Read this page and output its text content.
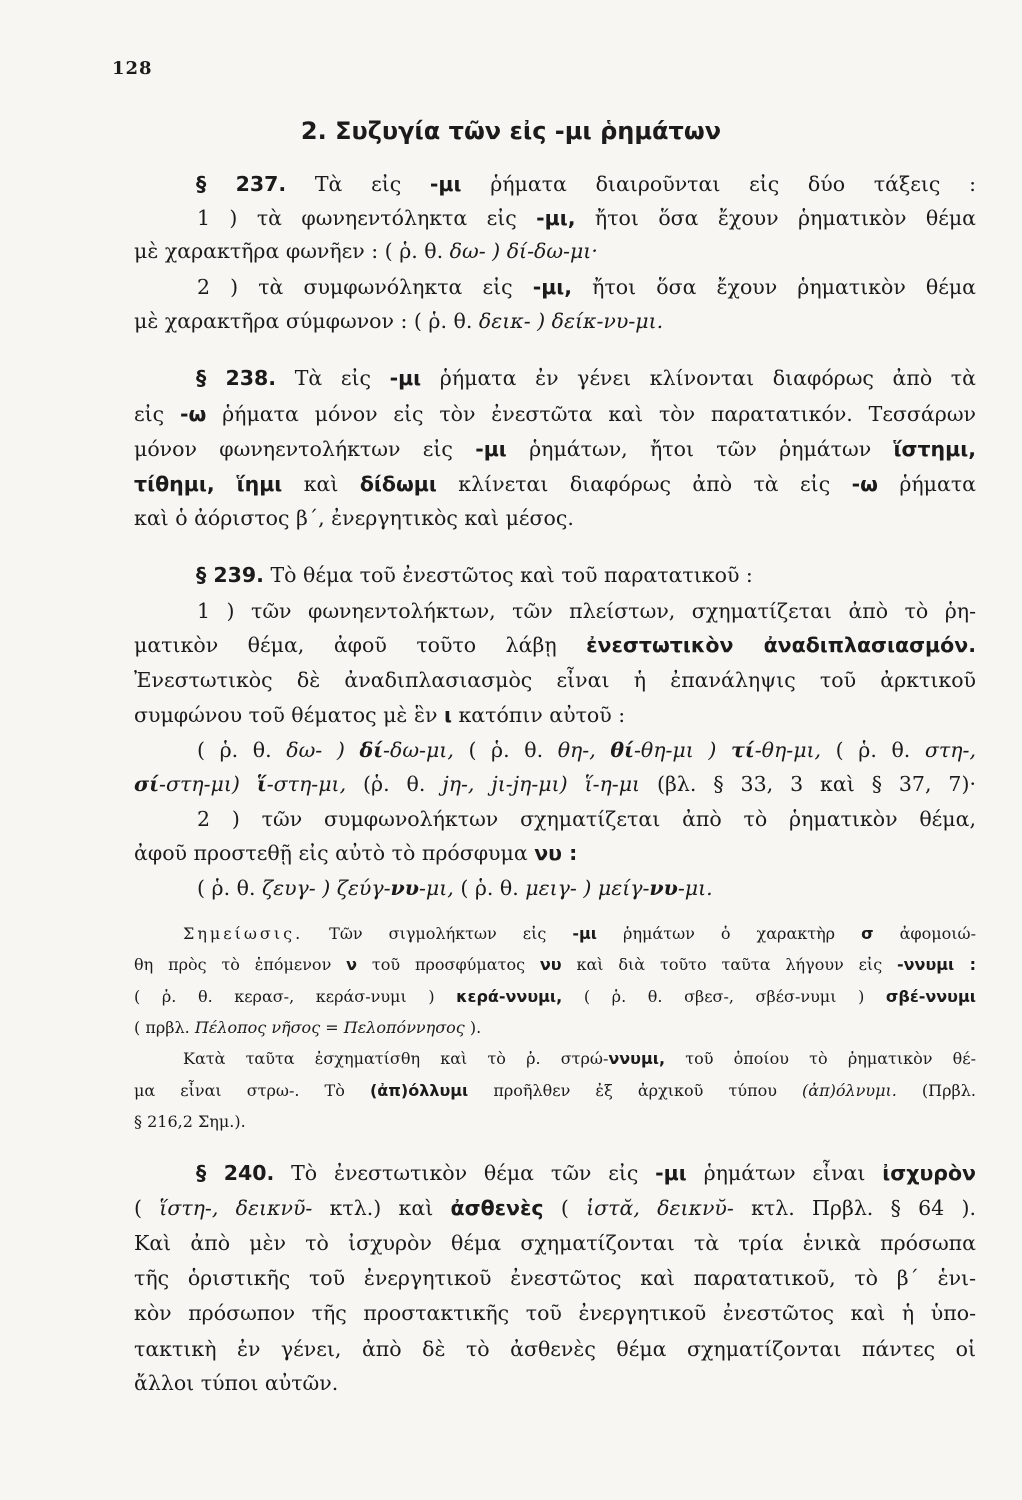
128
2. Συζυγία τῶν εἰς -μι ῥημάτων
§ 237. Τὰ εἰς -μι ῥήματα διαιροῦνται εἰς δύο τάξεις :
1 ) τὰ φωνηεντόληκτα εἰς -μι, ἤτοι ὅσα ἔχουν ῥηματικὸν θέμα
μὲ χαρακτῆρα φωνῆεν : ( ῥ. θ. δω- ) δί-δω-μι·
2 ) τὰ συμφωνόληκτα εἰς -μι, ἤτοι ὅσα ἔχουν ῥηματικὸν θέμα
μὲ χαρακτῆρα σύμφωνον : ( ῥ. θ. δεικ- ) δείκ-νυ-μι.
§ 238. Τὰ εἰς -μι ῥήματα ἐν γένει κλίνονται διαφόρως ἀπὸ τὰ
εἰς -ω ῥήματα μόνον εἰς τὸν ἐνεστῶτα καὶ τὸν παρατατικόν. Τεσσάρων
μόνον φωνηεντολήκτων εἰς -μι ῥημάτων, ἤτοι τῶν ῥημάτων ἵστημι,
τίθημι, ἵημι καὶ δίδωμι κλίνεται διαφόρως ἀπὸ τὰ εἰς -ω ῥήματα
καὶ ὁ ἀόριστος β΄, ἐνεργητικὸς καὶ μέσος.
§ 239. Τὸ θέμα τοῦ ἐνεστῶτος καὶ τοῦ παρατατικοῦ :
1 ) τῶν φωνηεντολήκτων, τῶν πλείστων, σχηματίζεται ἀπὸ τὸ ῥη-
ματικὸν θέμα, ἀφοῦ τοῦτο λάβῃ ἐνεστωτικὸν ἀναδιπλασιασμόν.
Ἐνεστωτικὸς δὲ ἀναδιπλασιασμὸς εἶναι ἡ ἐπανάληψις τοῦ ἀρκτικοῦ
συμφώνου τοῦ θέματος μὲ ἓν ι κατόπιν αὐτοῦ :
( ῥ. θ. δω- ) δί-δω-μι, ( ῥ. θ. θη-, θί-θη-μι ) τί-θη-μι, ( ῥ. θ. στη-,
σί-στη-μι) ἵ-στη-μι, (ῥ. θ. jη-, jι-jη-μι) ἵ-η-μι (βλ. § 33, 3 καὶ § 37, 7)·
2 ) τῶν συμφωνολήκτων σχηματίζεται ἀπὸ τὸ ῥηματικὸν θέμα,
ἀφοῦ προστεθῇ εἰς αὐτὸ τὸ πρόσφυμα νυ :
( ῥ. θ. ζευγ- ) ζεύγ-νυ-μι, ( ῥ. θ. μειγ- ) μείγ-νυ-μι.
Σημείωσις. Τῶν σιγμολήκτων εἰς -μι ῥημάτων ὁ χαρακτὴρ σ ἀφομοιώ-
θη πρὸς τὸ ἑπόμενον ν τοῦ προσφύματος νυ καὶ διὰ τοῦτο ταῦτα λήγουν εἰς -ννυμι :
( ῥ. θ. κερασ-, κεράσ-νυμι ) κερά-ννυμι, ( ῥ. θ. σβεσ-, σβέσ-νυμι ) σβέ-ννυμι
( πρβλ. Πέλοπος νῆσος = Πελοπόννησος ).
Κατὰ ταῦτα ἐσχηματίσθη καὶ τὸ ῥ. στρώ-ννυμι, τοῦ ὁποίου τὸ ῥηματικὸν θέ-
μα εἶναι στρω-. Τὸ (ἀπ)όλλυμι προῆλθεν ἐξ ἀρχικοῦ τύπου (ἀπ)όλνυμι. (Πρβλ.
§ 216,2 Σημ.).
§ 240. Τὸ ἐνεστωτικὸν θέμα τῶν εἰς -μι ῥημάτων εἶναι ἰσχυρὸν
( ἵστη-, δεικνῦ- κτλ.) καὶ ἀσθενὲς ( ἱστᾰ, δεικνῠ- κτλ. Πρβλ. § 64 ).
Καὶ ἀπὸ μὲν τὸ ἰσχυρὸν θέμα σχηματίζονται τὰ τρία ἑνικὰ πρόσωπα
τῆς ὁριστικῆς τοῦ ἐνεργητικοῦ ἐνεστῶτος καὶ παρατατικοῦ, τὸ β΄ ἑνι-
κὸν πρόσωπον τῆς προστακτικῆς τοῦ ἐνεργητικοῦ ἐνεστῶτος καὶ ἡ ὑπο-
τακτικὴ ἐν γένει, ἀπὸ δὲ τὸ ἀσθενὲς θέμα σχηματίζονται πάντες οἱ
ἄλλοι τύποι αὐτῶν.
